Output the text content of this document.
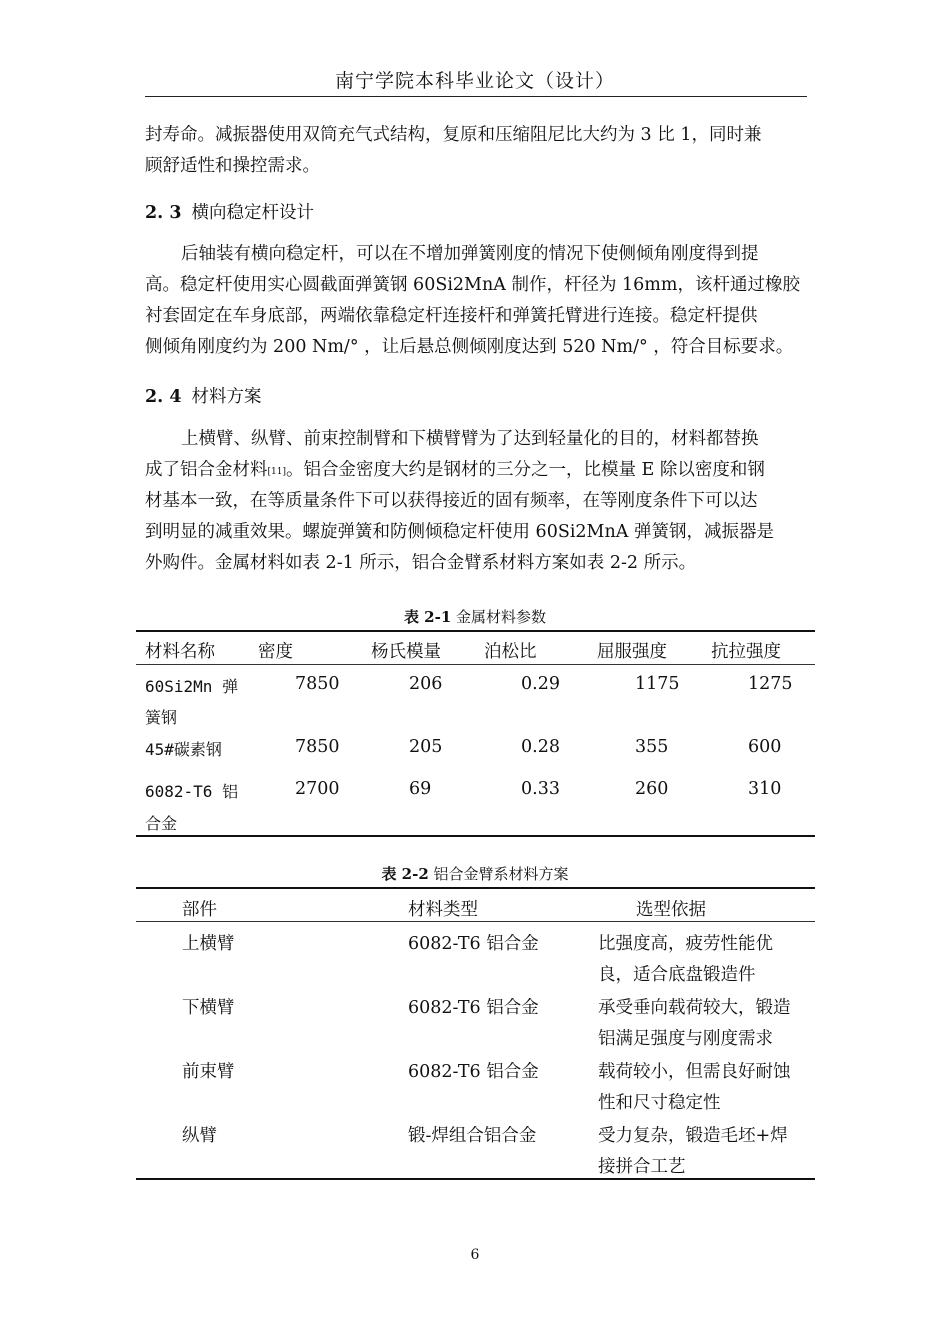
南宁学院本科毕业论文（设计）
封寿命。减振器使用双筒充气式结构，复原和压缩阻尼比大约为 3 比 1，同时兼
顾舒适性和操控需求。
2. 3 横向稳定杆设计
后轴装有横向稳定杆，可以在不增加弹簧刚度的情况下使侧倾角刚度得到提
高。稳定杆使用实心圆截面弹簧钢 60Si2MnA 制作，杆径为 16mm，该杆通过橡胶
衬套固定在车身底部，两端依靠稳定杆连接杆和弹簧托臂进行连接。稳定杆提供
侧倾角刚度约为 200 Nm/° ，让后悬总侧倾刚度达到 520 Nm/° ，符合目标要求。
2. 4 材料方案
上横臂、纵臂、前束控制臂和下横臂臂为了达到轻量化的目的，材料都替换
成了铝合金材料[11]。铝合金密度大约是钢材的三分之一，比模量 E 除以密度和钢
材基本一致，在等质量条件下可以获得接近的固有频率，在等刚度条件下可以达
到明显的减重效果。螺旋弹簧和防侧倾稳定杆使用 60Si2MnA 弹簧钢，减振器是
外购件。金属材料如表 2-1 所示，铝合金臂系材料方案如表 2-2 所示。
表 2-1 金属材料参数
材料名称 密度	杨氏模量 泊松比	屈服强度	抗拉强度
60Si2Mn 弹
簧钢
7850	206	0.29	1175	1275
45#碳素钢	7850	205	0.28	355	600
6082-T6 铝
合金
2700	69	0.33	260	310
表 2-2 铝合金臂系材料方案
部件	材料类型	选型依据
上横臂	6082-T6 铝合金	比强度高，疲劳性能优
良，适合底盘锻造件
下横臂	6082-T6 铝合金	承受垂向载荷较大，锻造
铝满足强度与刚度需求
前束臂	6082-T6 铝合金	载荷较小，但需良好耐蚀
性和尺寸稳定性
纵臂	锻-焊组合铝合金	受力复杂，锻造毛坯+焊
接拼合工艺
6
